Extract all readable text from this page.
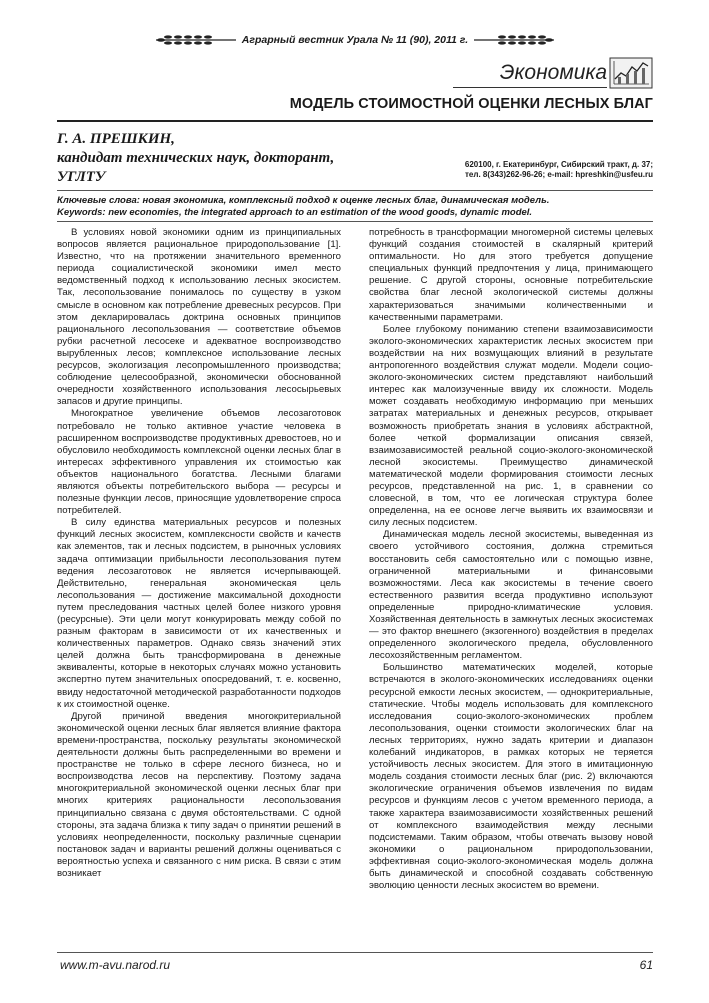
Аграрный вестник Урала № 11 (90), 2011 г.
Экономика
МОДЕЛЬ СТОИМОСТНОЙ ОЦЕНКИ ЛЕСНЫХ БЛАГ
Г. А. ПРЕШКИН,
кандидат технических наук, докторант,
УГЛТУ
620100, г. Екатеринбург, Сибирский тракт, д. 37;
тел. 8(343)262-96-26; e-mail: hpreshkin@usfeu.ru
Ключевые слова: новая экономика, комплексный подход к оценке лесных благ, динамическая модель.
Keywords: new economies, the integrated approach to an estimation of the wood goods, dynamic model.

В условиях новой экономики одним из принципиальных вопросов является рациональное природопользование [1]. Известно, что на протяжении значительного временного периода социалистической экономики имел место ведомственный подход к использованию лесных экосистем. Так, лесопользование понималось по существу в узком смысле в основном как потребление древесных ресурсов. При этом декларировалась доктрина основных принципов рационального лесопользования — соответствие объемов рубки расчетной лесосеке и адекватное воспроизводство вырубленных лесов; комплексное использование лесных ресурсов, экологизация лесопромышленного производства; соблюдение целесообразной, экономически обоснованной очередности хозяйственного использования лесосырьевых запасов и другие принципы.

Многократное увеличение объемов лесозаготовок потребовало не только активное участие человека в расширенном воспроизводстве продуктивных древостоев, но и обусловило необходимость комплексной оценки лесных благ в интересах эффективного управления их стоимостью как объектов национального богатства. Лесными благами являются объекты потребительского выбора — ресурсы и полезные функции лесов, приносящие удовлетворение спроса потребителей.

В силу единства материальных ресурсов и полезных функций лесных экосистем, комплексности свойств и качеств как элементов, так и лесных подсистем, в рыночных условиях задача оптимизации прибыльности лесопользования путем ведения лесозаготовок не является исчерпывающей. Действительно, генеральная экономическая цель лесопользования — достижение максимальной доходности путем преследования частных целей более низкого уровня (ресурсные). Эти цели могут конкурировать между собой по разным факторам в зависимости от их качественных и количественных параметров. Однако связь значений этих целей должна быть трансформирована в денежные эквиваленты, которые в некоторых случаях можно установить экспертно путем значительных опосредований, т. е. косвенно, ввиду недостаточной методической разработанности подходов к их стоимостной оценке.

Другой причиной введения многокритериальной экономической оценки лесных благ является влияние фактора времени-пространства, поскольку результаты экономической деятельности должны быть распределенными во времени и пространстве не только в сфере лесного бизнеса, но и воспроизводства лесов на перспективу. Поэтому задача многокритериальной экономической оценки лесных благ при многих критериях рациональности лесопользования принципиально связана с двумя обстоятельствами. С одной стороны, эта задача близка к типу задач о принятии решений в условиях неопределенности, поскольку различные сценарии постановок задач и варианты решений должны оцениваться с вероятностью успеха и связанного с ним риска. В связи с этим возникает

потребность в трансформации многомерной системы целевых функций создания стоимостей в скалярный критерий оптимальности. Но для этого требуется допущение специальных функций предпочтения у лица, принимающего решение. С другой стороны, основные потребительские свойства благ лесной экологической системы должны характеризоваться значимыми количественными и качественными параметрами.

Более глубокому пониманию степени взаимозависимости эколого-экономических характеристик лесных экосистем при воздействии на них возмущающих влияний в результате антропогенного воздействия служат модели. Модели социо-эколого-экономических систем представляют наибольший интерес как малоизученные ввиду их сложности. Модель может создавать необходимую информацию при меньших затратах материальных и денежных ресурсов, открывает возможность приобретать знания в условиях абстрактной, более четкой формализации описания связей, взаимозависимостей реальной социо-эколого-экономической лесной экосистемы. Преимущество динамической математической модели формирования стоимости лесных ресурсов, представленной на рис. 1, в сравнении со словесной, в том, что ее логическая структура более определенна, на ее основе легче выявить их взаимосвязи и силу лесных подсистем.

Динамическая модель лесной экосистемы, выведенная из своего устойчивого состояния, должна стремиться восстановить себя самостоятельно или с помощью извне, ограниченной материальными и финансовыми возможностями. Леса как экосистемы в течение своего естественного развития всегда продуктивно используют определенные природно-климатические условия. Хозяйственная деятельность в замкнутых лесных экосистемах — это фактор внешнего (экзогенного) воздействия в пределах определенного экологического предела, обусловленного лесохозяйственным регламентом.

Большинство математических моделей, которые встречаются в эколого-экономических исследованиях оценки ресурсной емкости лесных экосистем, — однокритериальные, статические. Чтобы модель использовать для комплексного исследования социо-эколого-экономических проблем лесопользования, оценки стоимости экологических благ на лесных территориях, нужно задать критерии и диапазон колебаний индикаторов, в рамках которых не теряется устойчивость лесных экосистем. Для этого в имитационную модель создания стоимости лесных благ (рис. 2) включаются экологические ограничения объемов извлечения по видам ресурсов и функциям лесов с учетом временного периода, а также характера взаимозависимости хозяйственных решений от комплексного взаимодействия между лесными подсистемами. Таким образом, чтобы отвечать вызову новой экономики о рациональном природопользовании, эффективная социо-эколого-экономическая модель должна быть динамической и способной создавать собственную эволюцию ценности лесных экосистем во времени.

www.m-avu.narod.ru	61
